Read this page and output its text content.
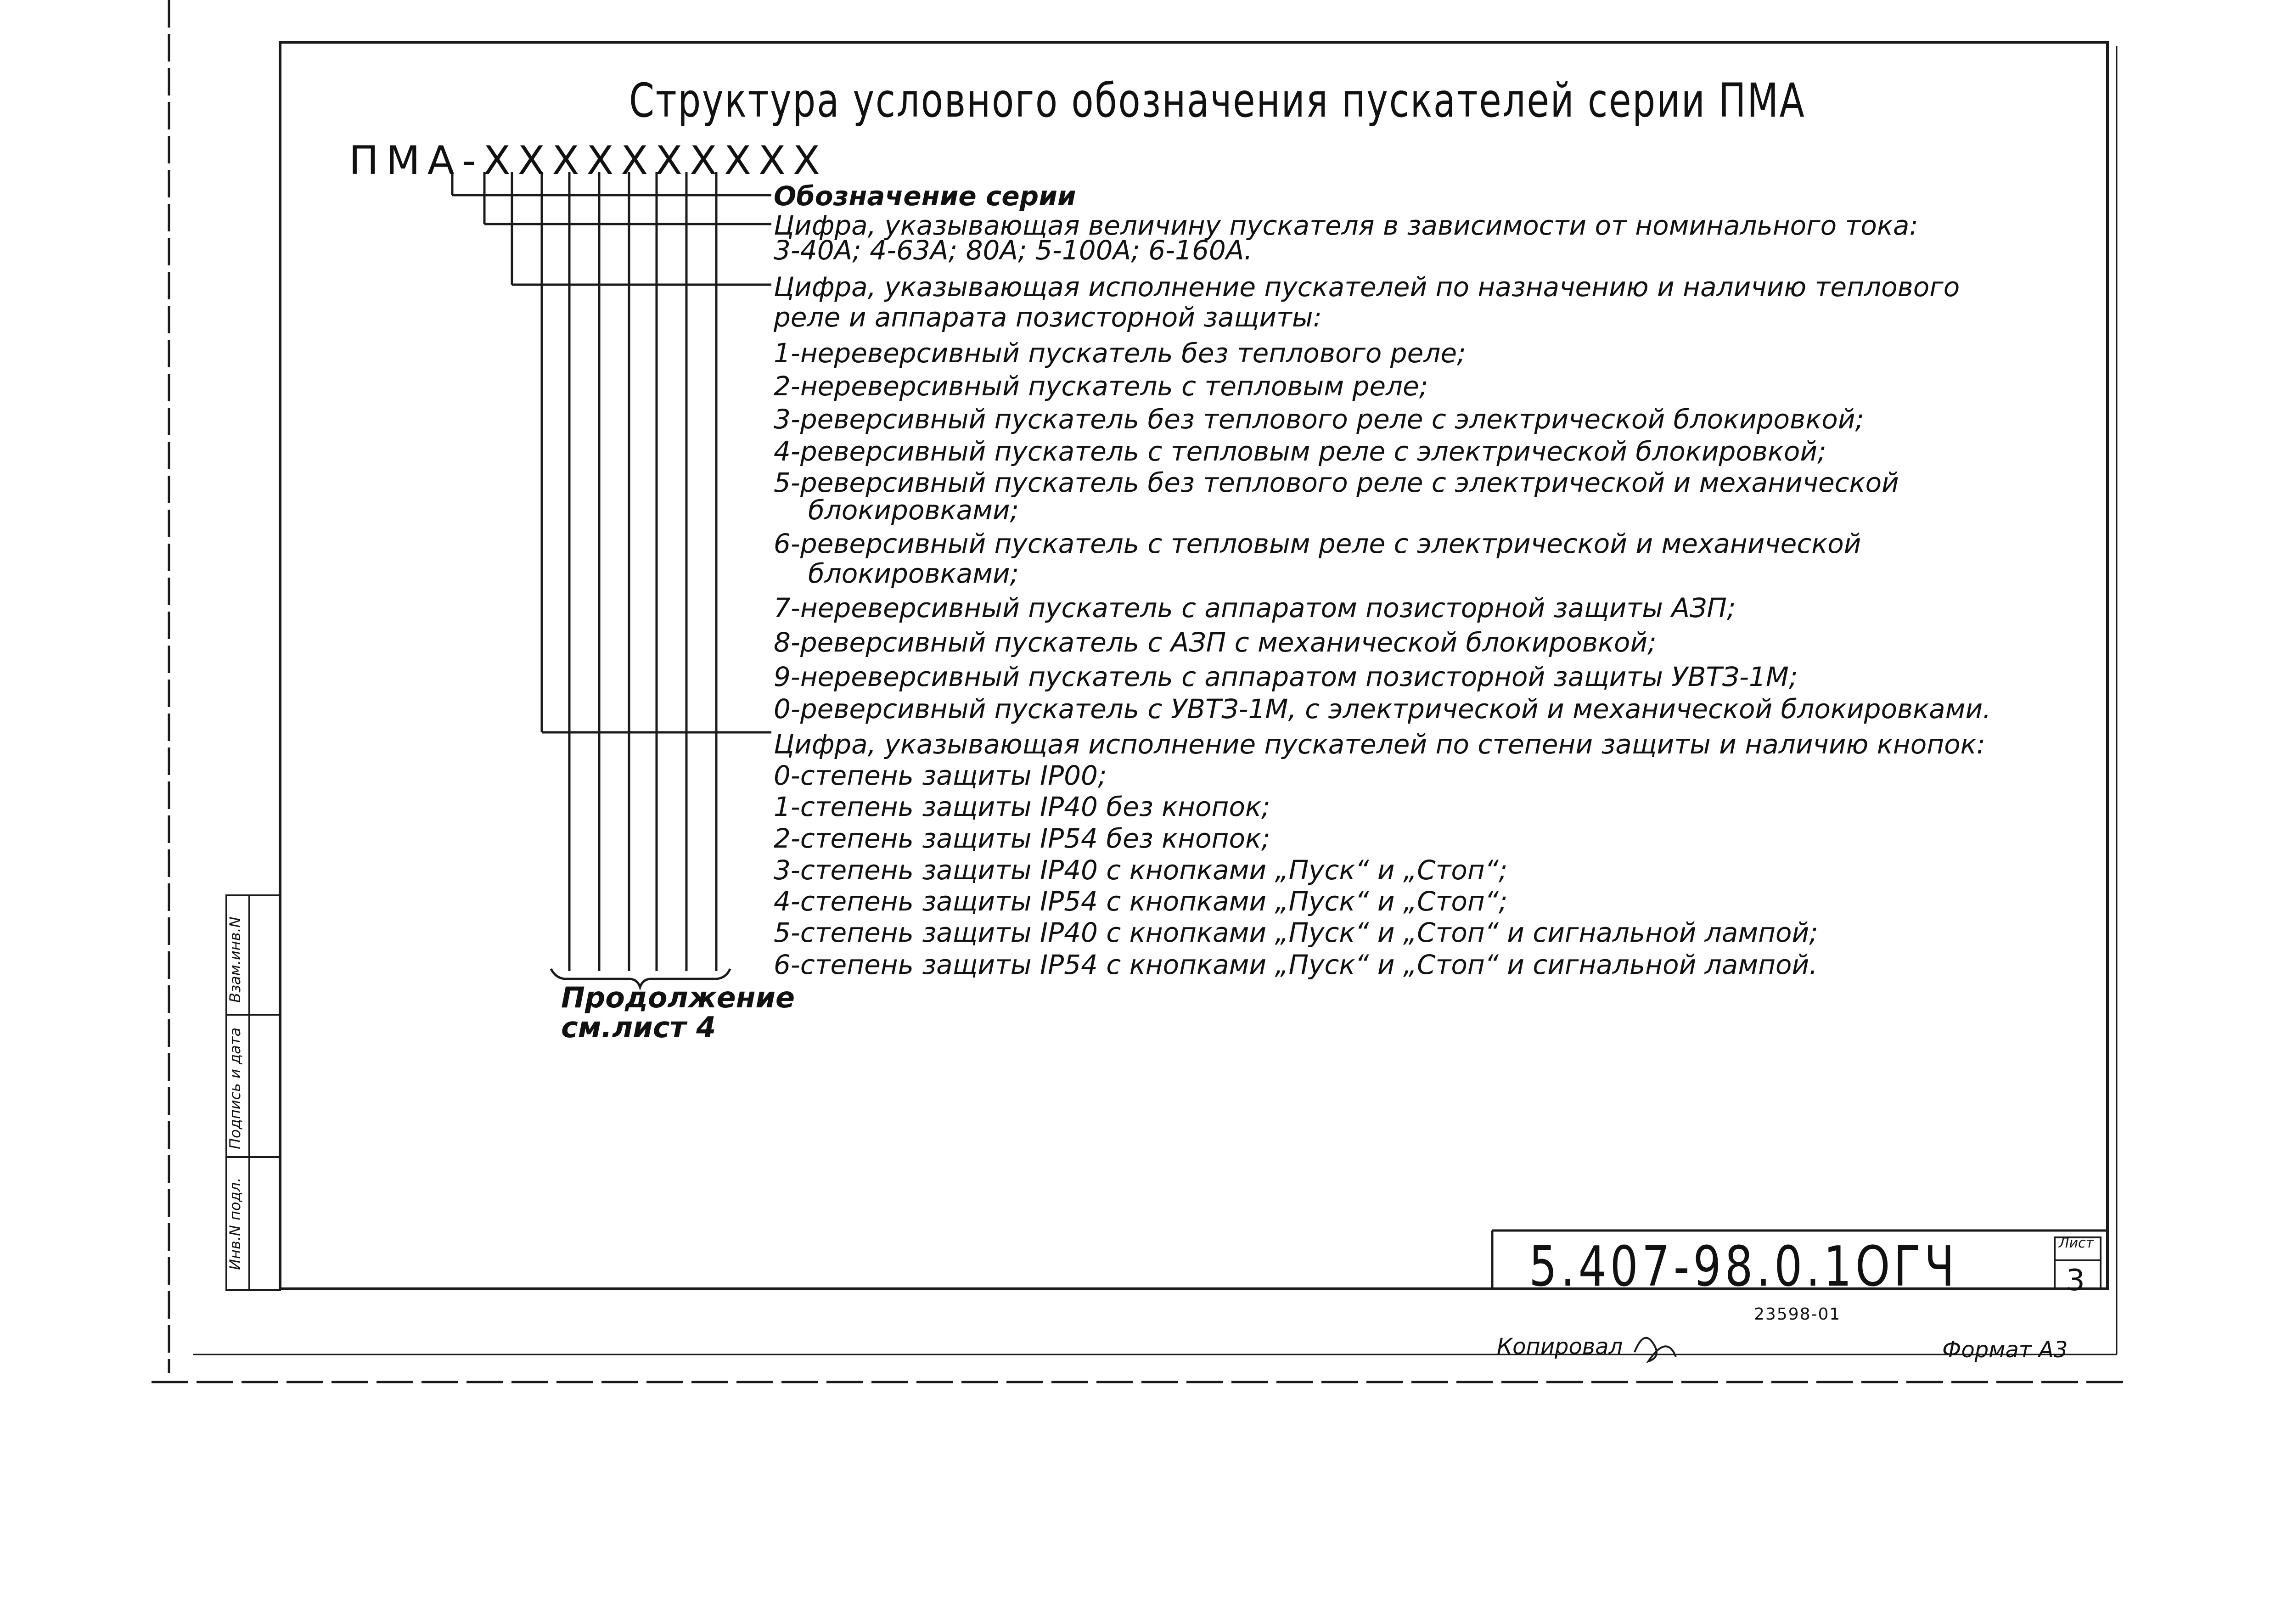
Структура условного обозначения пускателей серии ПМА
ПМА-XXXXXXXXXX
Обозначение серии
Цифра, указывающая величину пускателя в зависимости от номинального тока:
3-40А; 4-63А; 80А; 5-100А; 6-160А.
Цифра, указывающая исполнение пускателей по назначению и наличию теплового
реле и аппарата позисторной защиты:
1-нереверсивный пускатель без теплового реле;
2-нереверсивный пускатель с тепловым реле;
3-реверсивный пускатель без теплового реле с электрической блокировкой;
4-реверсивный пускатель с тепловым реле с электрической блокировкой;
5-реверсивный пускатель без теплового реле с электрической и механической
блокировками;
6-реверсивный пускатель с тепловым реле с электрической и механической
блокировками;
7-нереверсивный пускатель с аппаратом позисторной защиты АЗП;
8-реверсивный пускатель с АЗП с механической блокировкой;
9-нереверсивный пускатель с аппаратом позисторной защиты УВТЗ-1М;
0-реверсивный пускатель с УВТЗ-1М, с электрической и механической блокировками.
Цифра, указывающая исполнение пускателей по степени защиты и наличию кнопок:
0-степень защиты IP00;
1-степень защиты IP40 без кнопок;
2-степень защиты IP54 без кнопок;
3-степень защиты IP40 с кнопками „Пуск“ и „Стоп“;
4-степень защиты IP54 с кнопками „Пуск“ и „Стоп“;
5-степень защиты IP40 с кнопками „Пуск“ и „Стоп“ и сигнальной лампой;
6-степень защиты IP54 с кнопками „Пуск“ и „Стоп“ и сигнальной лампой.
Продолжение
см.лист 4
Взам.инв.N
Подпись и дата
Инв.N подл.	5.407-98.0.1ОГЧ	Лист
3
23598-01
Копировал	Формат А3
